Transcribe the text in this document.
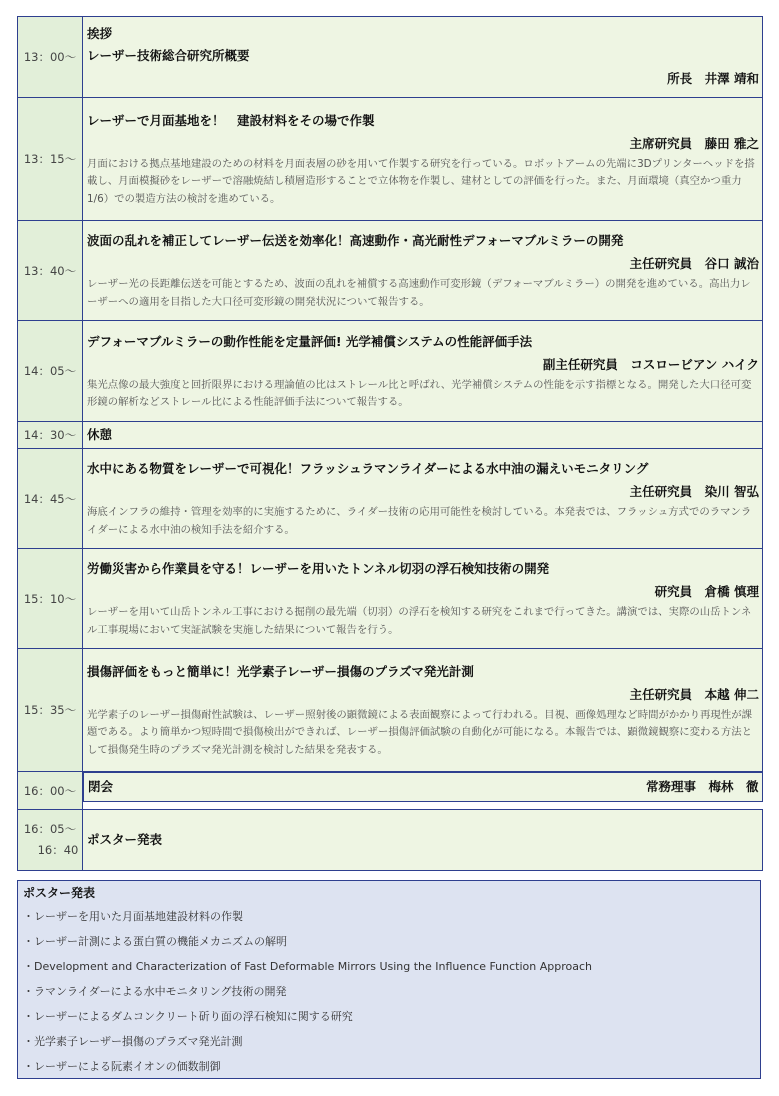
13：00～	挨拶
レーザー技術総合研究所概要
所長　井澤 靖和

13：15～	レーザーで月面基地を！　建設材料をその場で作製
主席研究員　藤田 雅之
月面における拠点基地建設のための材料を月面表層の砂を用いて作製する研究を行っている。ロボットアームの先端に3Dプリンターヘッドを搭載し、月面模擬砂をレーザーで溶融焼結し積層造形することで立体物を作製し、建材としての評価を行った。また、月面環境（真空かつ重力1/6）での製造方法の検討を進めている。

13：40～	波面の乱れを補正してレーザー伝送を効率化！高速動作・高光耐性デフォーマブルミラーの開発
主任研究員　谷口 誠治
レーザー光の長距離伝送を可能とするため、波面の乱れを補償する高速動作可変形鏡（デフォーマブルミラー）の開発を進めている。高出力レーザーへの適用を目指した大口径可変形鏡の開発状況について報告する。

14：05～	デフォーマブルミラーの動作性能を定量評価! 光学補償システムの性能評価手法
副主任研究員　コスロービアン ハイク
集光点像の最大強度と回折限界における理論値の比はストレール比と呼ばれ、光学補償システムの性能を示す指標となる。開発した大口径可変形鏡の解析などストレール比による性能評価手法について報告する。

14：30～	休憩

14：45～	水中にある物質をレーザーで可視化！フラッシュラマンライダーによる水中油の漏えいモニタリング
主任研究員　染川 智弘
海底インフラの維持・管理を効率的に実施するために、ライダー技術の応用可能性を検討している。本発表では、フラッシュ方式でのラマンライダーによる水中油の検知手法を紹介する。

15：10～	労働災害から作業員を守る！レーザーを用いたトンネル切羽の浮石検知技術の開発
研究員　倉橋 慎理
レーザーを用いて山岳トンネル工事における掘削の最先端（切羽）の浮石を検知する研究をこれまで行ってきた。講演では、実際の山岳トンネル工事現場において実証試験を実施した結果について報告を行う。

15：35～	損傷評価をもっと簡単に！光学素子レーザー損傷のプラズマ発光計測
主任研究員　本越 伸二
光学素子のレーザー損傷耐性試験は、レーザー照射後の顕微鏡による表面観察によって行われる。目視、画像処理など時間がかかり再現性が課題である。より簡単かつ短時間で損傷検出ができれば、レーザー損傷評価試験の自動化が可能になる。本報告では、顕微鏡観察に変わる方法として損傷発生時のプラズマ発光計測を検討した結果を発表する。

16：00～	閉会	常務理事　梅林　徹

16：05～
16：40	ポスター発表
ポスター発表
・レーザーを用いた月面基地建設材料の作製
・レーザー計測による蛋白質の機能メカニズムの解明
・Development and Characterization of Fast Deformable Mirrors Using the Influence Function Approach
・ラマンライダーによる水中モニタリング技術の開発
・レーザーによるダムコンクリート斫り面の浮石検知に関する研究
・光学素子レーザー損傷のプラズマ発光計測
・レーザーによる阮素イオンの価数制御
